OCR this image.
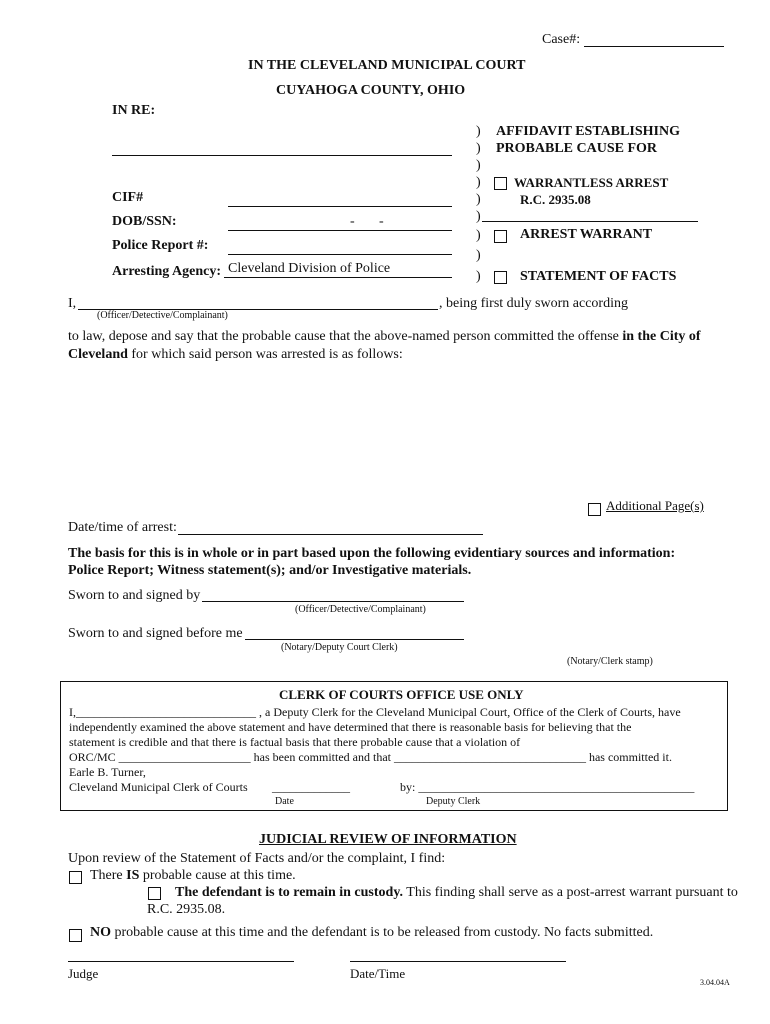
Case#:
IN THE CLEVELAND MUNICIPAL COURT
CUYAHOGA COUNTY, OHIO
IN RE:
CIF#
DOB/SSN:	- -
Police Report #:
Arresting Agency: Cleveland Division of Police
)
)
)
)
)
)
)
)
)
AFFIDAVIT ESTABLISHING
PROBABLE CAUSE FOR
WARRANTLESS ARREST
R.C. 2935.08
ARREST WARRANT
STATEMENT OF FACTS
I,	, being first duly sworn according
(Officer/Detective/Complainant)
to law, depose and say that the probable cause that the above-named person committed the offense in the City of
Cleveland for which said person was arrested is as follows:
Additional Page(s)
Date/time of arrest:
The basis for this is in whole or in part based upon the following evidentiary sources and information:
Police Report; Witness statement(s); and/or Investigative materials.
Sworn to and signed by
(Officer/Detective/Complainant)
Sworn to and signed before me
(Notary/Deputy Court Clerk)
(Notary/Clerk stamp)
CLERK OF COURTS OFFICE USE ONLY
I,______________________________ , a Deputy Clerk for the Cleveland Municipal Court, Office of the Clerk of Courts, have
independently examined the above statement and have determined that there is reasonable basis for believing that the
statement is credible and that there is factual basis that there probable cause that a violation of
ORC/MC ______________________ has been committed and that ________________________________ has committed it.
Earle B. Turner,
Cleveland Municipal Clerk of Courts _____________	by: ______________________________________________
Date	Deputy Clerk
JUDICIAL REVIEW OF INFORMATION
Upon review of the Statement of Facts and/or the complaint, I find:
There IS probable cause at this time.
The defendant is to remain in custody. This finding shall serve as a post-arrest warrant pursuant to
R.C. 2935.08.
NO probable cause at this time and the defendant is to be released from custody. No facts submitted.
Judge	Date/Time
3.04.04A
